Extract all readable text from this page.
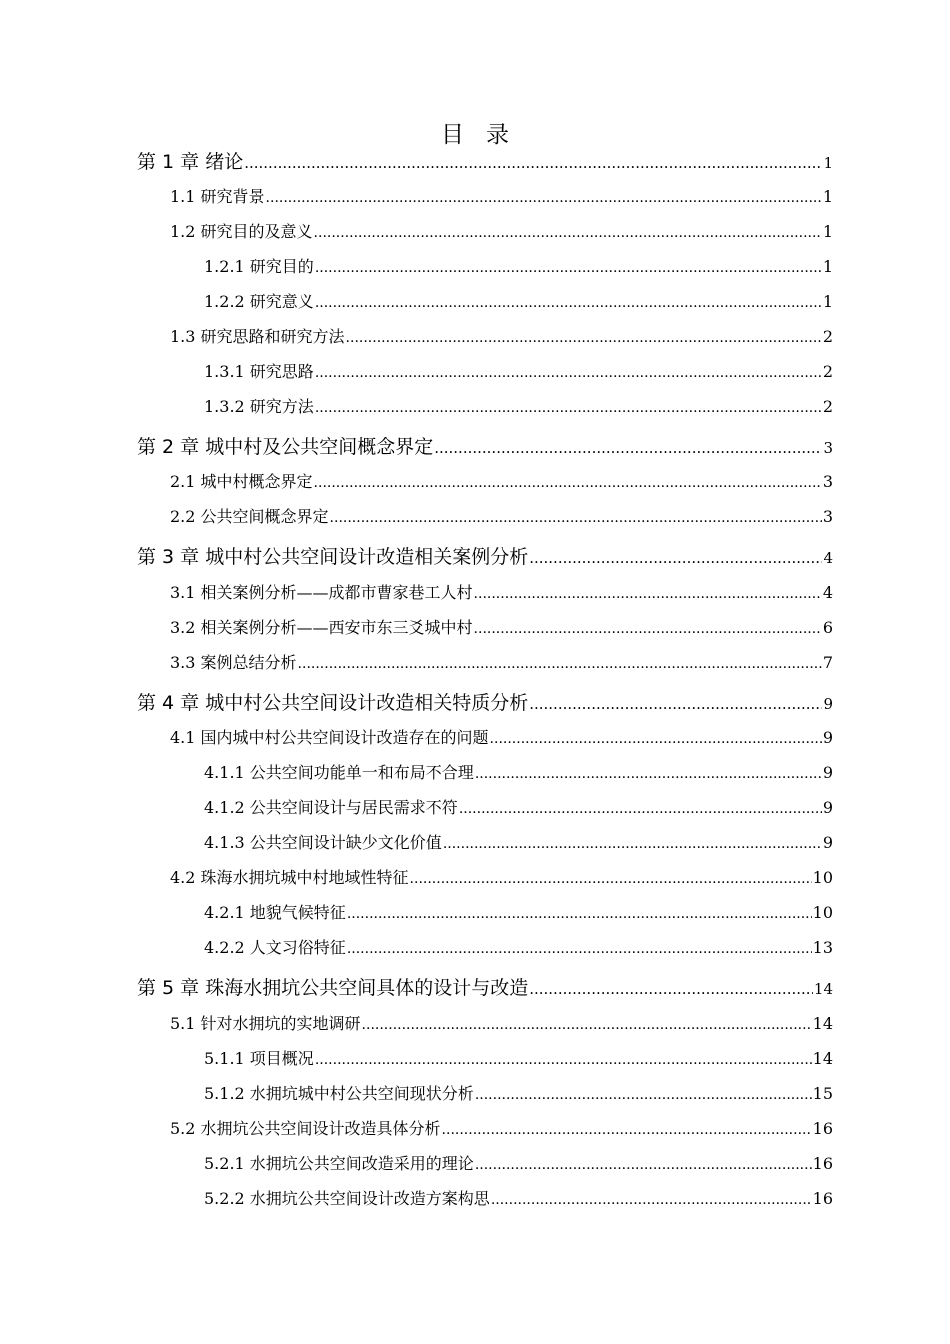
目录
第 1 章 绪论 .....	1
1.1 研究背景 .....	1
1.2 研究目的及意义 .....	1
1.2.1 研究目的 .....	1
1.2.2 研究意义 .....	1
1.3 研究思路和研究方法 .....	2
1.3.1 研究思路 .....	2
1.3.2 研究方法 .....	2
第 2 章 城中村及公共空间概念界定 .....	3
2.1 城中村概念界定 .....	3
2.2 公共空间概念界定 .....	3
第 3 章 城中村公共空间设计改造相关案例分析 .....	4
3.1 相关案例分析——成都市曹家巷工人村 .....	4
3.2 相关案例分析——西安市东三爻城中村 .....	6
3.3 案例总结分析 .....	7
第 4 章 城中村公共空间设计改造相关特质分析 .....	9
4.1 国内城中村公共空间设计改造存在的问题 .....	9
4.1.1 公共空间功能单一和布局不合理 .....	9
4.1.2 公共空间设计与居民需求不符 .....	9
4.1.3 公共空间设计缺少文化价值 .....	9
4.2 珠海水拥坑城中村地域性特征 .....	10
4.2.1 地貌气候特征 .....	10
4.2.2 人文习俗特征 .....	13
第 5 章 珠海水拥坑公共空间具体的设计与改造 .....	14
5.1 针对水拥坑的实地调研 .....	14
5.1.1 项目概况 .....	14
5.1.2 水拥坑城中村公共空间现状分析 .....	15
5.2 水拥坑公共空间设计改造具体分析 .....	16
5.2.1 水拥坑公共空间改造采用的理论 .....	16
5.2.2 水拥坑公共空间设计改造方案构思 .....	16
